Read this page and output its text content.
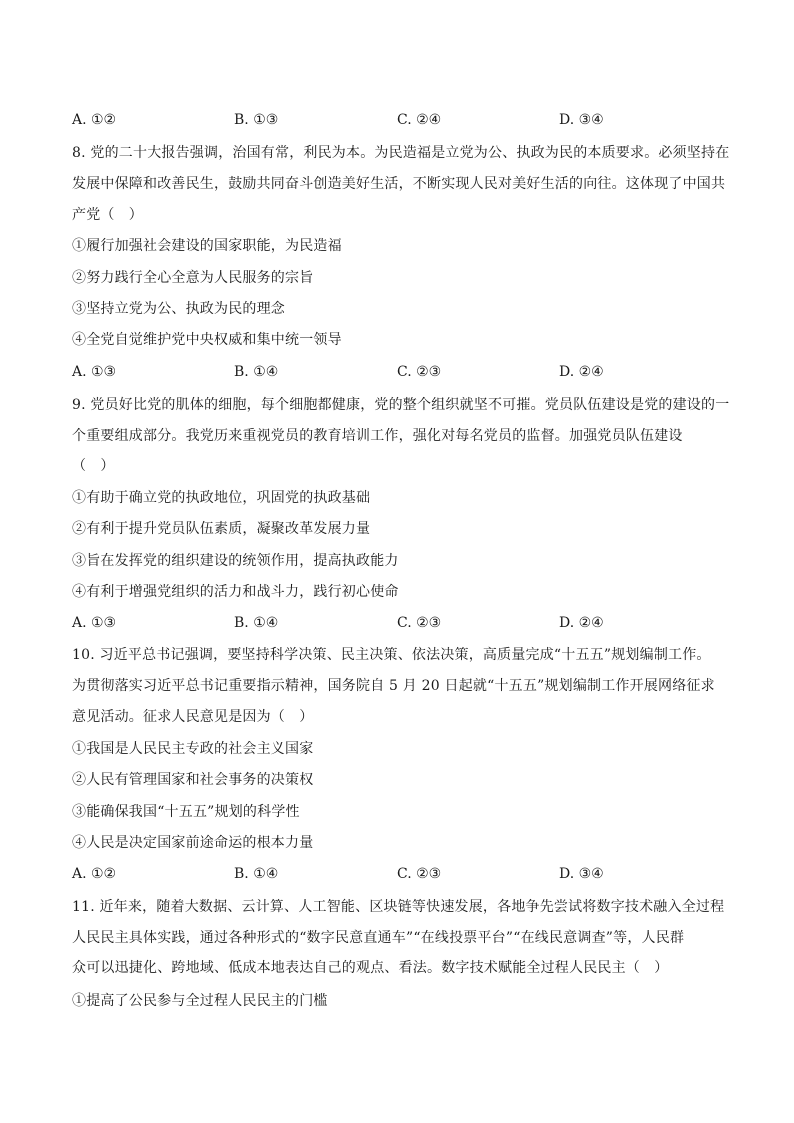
A. ①②	B. ①③	C. ②④	D. ③④
8. 党的二十大报告强调，治国有常，利民为本。为民造福是立党为公、执政为民的本质要求。必须坚持在
发展中保障和改善民生，鼓励共同奋斗创造美好生活，不断实现人民对美好生活的向往。这体现了中国共
产党（　）
①履行加强社会建设的国家职能，为民造福
②努力践行全心全意为人民服务的宗旨
③坚持立党为公、执政为民的理念
④全党自觉维护党中央权威和集中统一领导
A. ①③	B. ①④	C. ②③	D. ②④
9. 党员好比党的肌体的细胞，每个细胞都健康，党的整个组织就坚不可摧。党员队伍建设是党的建设的一
个重要组成部分。我党历来重视党员的教育培训工作，强化对每名党员的监督。加强党员队伍建设
（　）
①有助于确立党的执政地位，巩固党的执政基础
②有利于提升党员队伍素质，凝聚改革发展力量
③旨在发挥党的组织建设的统领作用，提高执政能力
④有利于增强党组织的活力和战斗力，践行初心使命
A. ①③	B. ①④	C. ②③	D. ②④
10. 习近平总书记强调，要坚持科学决策、民主决策、依法决策，高质量完成“十五五”规划编制工作。
为贯彻落实习近平总书记重要指示精神，国务院自 5 月 20 日起就“十五五”规划编制工作开展网络征求
意见活动。征求人民意见是因为（　）
①我国是人民民主专政的社会主义国家
②人民有管理国家和社会事务的决策权
③能确保我国“十五五”规划的科学性
④人民是决定国家前途命运的根本力量
A. ①②	B. ①④	C. ②③	D. ③④
11. 近年来，随着大数据、云计算、人工智能、区块链等快速发展，各地争先尝试将数字技术融入全过程
人民民主具体实践，通过各种形式的“数字民意直通车”“在线投票平台”“在线民意调查”等，人民群
众可以迅捷化、跨地域、低成本地表达自己的观点、看法。数字技术赋能全过程人民民主（　）
①提高了公民参与全过程人民民主的门槛
